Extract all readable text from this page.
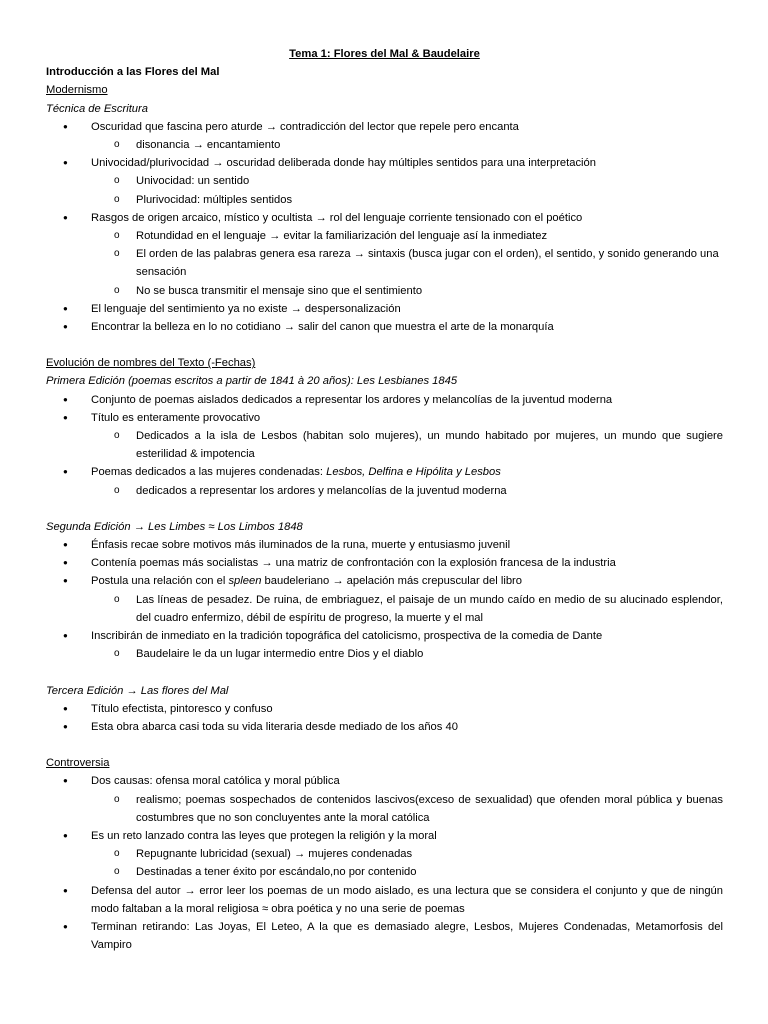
Tema 1: Flores del Mal & Baudelaire
Introducción a las Flores del Mal
Modernismo
Técnica de Escritura
● Oscuridad que fascina pero aturde → contradicción del lector que repele pero encanta
o disonancia → encantamiento
● Univocidad/plurivocidad → oscuridad deliberada donde hay múltiples sentidos para una interpretación
o Univocidad: un sentido
o Plurivocidad: múltiples sentidos
● Rasgos de origen arcaico, místico y ocultista → rol del lenguaje corriente tensionado con el poético
o Rotundidad en el lenguaje → evitar la familiarización del lenguaje así la inmediatez
o El orden de las palabras genera esa rareza → sintaxis (busca jugar con el orden), el sentido, y sonido generando una sensación
o No se busca transmitir el mensaje sino que el sentimiento
● El lenguaje del sentimiento ya no existe → despersonalización
● Encontrar la belleza en lo no cotidiano → salir del canon que muestra el arte de la monarquía
Evolución de nombres del Texto (-Fechas)
Primera Edición (poemas escritos a partir de 1841 à 20 años): Les Lesbianes 1845
● Conjunto de poemas aislados dedicados a representar los ardores y melancolías de la juventud moderna
● Título es enteramente provocativo
o Dedicados a la isla de Lesbos (habitan solo mujeres), un mundo habitado por mujeres, un mundo que sugiere esterilidad & impotencia
● Poemas dedicados a las mujeres condenadas: Lesbos, Delfina e Hipólita y Lesbos
o dedicados a representar los ardores y melancolías de la juventud moderna
Segunda Edición → Les Limbes ≈ Los Limbos 1848
● Énfasis recae sobre motivos más iluminados de la runa, muerte y entusiasmo juvenil
● Contenía poemas más socialistas → una matriz de confrontación con la explosión francesa de la industria
● Postula una relación con el spleen baudeleriano → apelación más crepuscular del libro
o Las líneas de pesadez. De ruina, de embriaguez, el paisaje de un mundo caído en medio de su alucinado esplendor, del cuadro enfermizo, débil de espíritu de progreso, la muerte y el mal
● Inscribirán de inmediato en la tradición topográfica del catolicismo, prospectiva de la comedia de Dante
o Baudelaire le da un lugar intermedio entre Dios y el diablo
Tercera Edición → Las flores del Mal
● Título efectista, pintoresco y confuso
● Esta obra abarca casi toda su vida literaria desde mediado de los años 40
Controversia
● Dos causas: ofensa moral católica y moral pública
o realismo; poemas sospechados de contenidos lascivos(exceso de sexualidad) que ofenden moral pública y buenas costumbres que no son concluyentes ante la moral católica
● Es un reto lanzado contra las leyes que protegen la religión y la moral
o Repugnante lubricidad (sexual) → mujeres condenadas
o Destinadas a tener éxito por escándalo,no por contenido
● Defensa del autor → error leer los poemas de un modo aislado, es una lectura que se considera el conjunto y que de ningún modo faltaban a la moral religiosa ≈ obra poética y no una serie de poemas
● Terminan retirando: Las Joyas, El Leteo, A la que es demasiado alegre, Lesbos, Mujeres Condenadas, Metamorfosis del Vampiro
